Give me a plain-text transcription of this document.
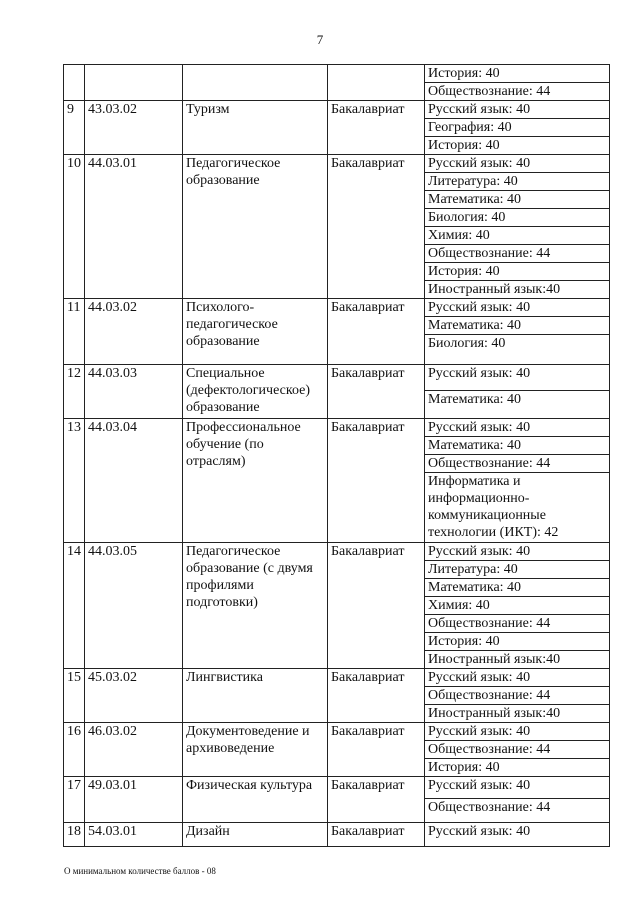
7
				История: 40
				Обществознание: 44
9	43.03.02	Туризм	Бакалавриат	Русский язык: 40
				География: 40
				История: 40
10	44.03.01	Педагогическое образование	Бакалавриат	Русский язык: 40
				Литература: 40
				Математика: 40
				Биология: 40
				Химия: 40
				Обществознание: 44
				История: 40
				Иностранный язык:40
11	44.03.02	Психолого-педагогическое образование	Бакалавриат	Русский язык: 40
				Математика: 40
				Биология: 40
12	44.03.03	Специальное (дефектологическое) образование	Бакалавриат	Русский язык: 40
				Математика: 40
13	44.03.04	Профессиональное обучение (по отраслям)	Бакалавриат	Русский язык: 40
				Математика: 40
				Обществознание: 44
				Информатика и информационно-коммуникационные технологии (ИКТ): 42
14	44.03.05	Педагогическое образование (с двумя профилями подготовки)	Бакалавриат	Русский язык: 40
				Литература: 40
				Математика: 40
				Химия: 40
				Обществознание: 44
				История: 40
				Иностранный язык:40
15	45.03.02	Лингвистика	Бакалавриат	Русский язык: 40
				Обществознание: 44
				Иностранный язык:40
16	46.03.02	Документоведение и архивоведение	Бакалавриат	Русский язык: 40
				Обществознание: 44
				История: 40
17	49.03.01	Физическая культура	Бакалавриат	Русский язык: 40
				Обществознание: 44
18	54.03.01	Дизайн	Бакалавриат	Русский язык: 40
О минимальном количестве баллов - 08
